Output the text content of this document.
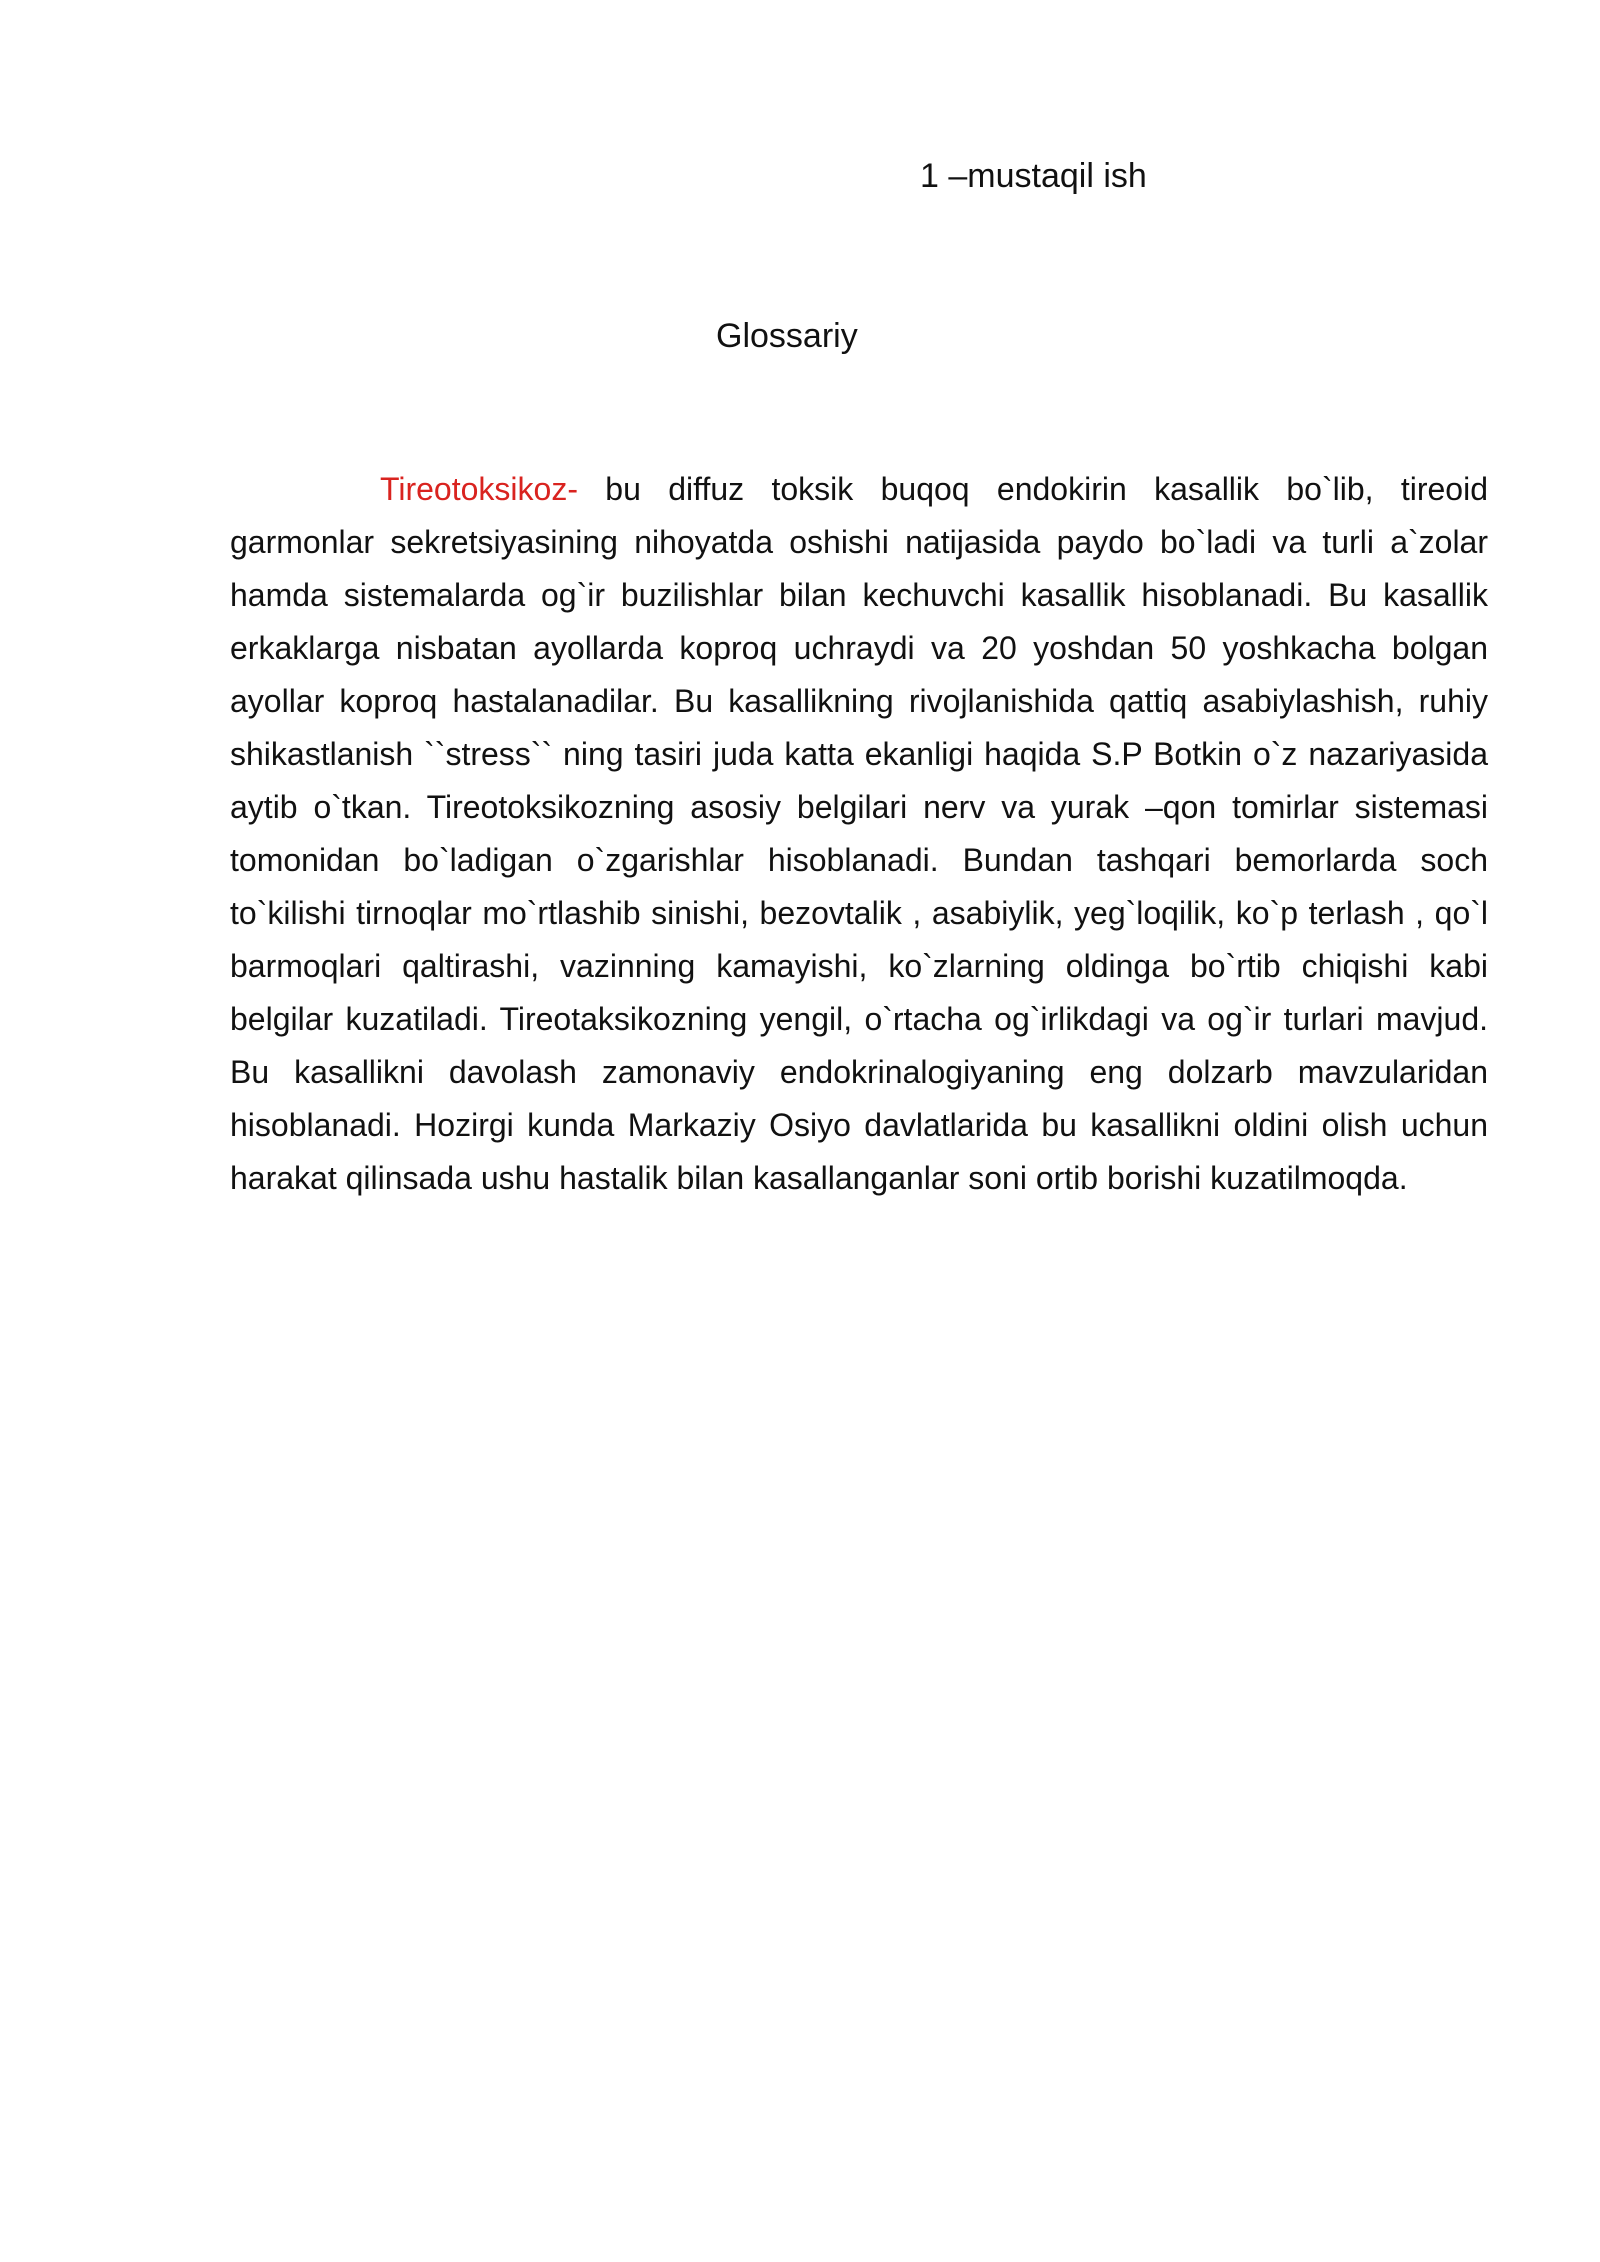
1 –mustaqil ish
Glossariy

Tireotoksikoz- bu diffuz toksik buqoq endokirin kasallik bo`lib, tireoid garmonlar sekretsiyasining nihoyatda oshishi natijasida paydo bo`ladi va turli a`zolar hamda sistemalarda og`ir buzilishlar bilan kechuvchi kasallik hisoblanadi. Bu kasallik erkaklarga nisbatan ayollarda koproq uchraydi va 20 yoshdan 50 yoshkacha bolgan ayollar koproq hastalanadilar. Bu kasallikning rivojlanishida qattiq asabiylashish, ruhiy shikastlanish ``stress`` ning tasiri juda katta ekanligi haqida S.P Botkin o`z nazariyasida aytib o`tkan. Tireotoksikozning asosiy belgilari nerv va yurak –qon tomirlar sistemasi tomonidan bo`ladigan o`zgarishlar hisoblanadi. Bundan tashqari bemorlarda soch to`kilishi tirnoqlar mo`rtlashib sinishi, bezovtalik , asabiylik, yeg`loqilik, ko`p terlash , qo`l barmoqlari qaltirashi, vazinning kamayishi, ko`zlarning oldinga bo`rtib chiqishi kabi belgilar kuzatiladi. Tireotaksikozning yengil, o`rtacha og`irlikdagi va og`ir turlari mavjud. Bu kasallikni davolash zamonaviy endokrinalogiyaning eng dolzarb mavzularidan hisoblanadi. Hozirgi kunda Markaziy Osiyo davlatlarida bu kasallikni oldini olish uchun harakat qilinsada ushu hastalik bilan kasallanganlar soni ortib borishi kuzatilmoqda.
